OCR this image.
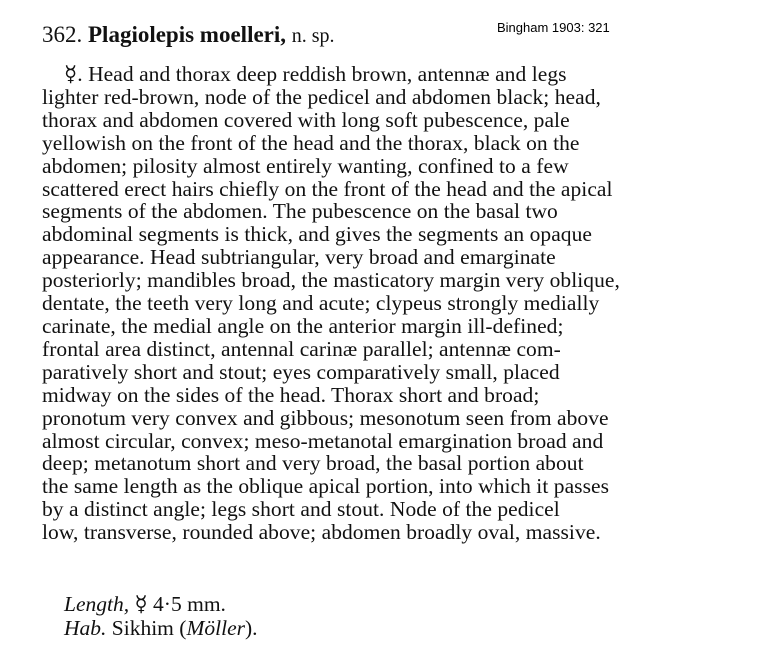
Bingham 1903: 321
362. Plagiolepis moelleri, n. sp.
☿. Head and thorax deep reddish brown, antennæ and legs
lighter red-brown, node of the pedicel and abdomen black; head,
thorax and abdomen covered with long soft pubescence, pale
yellowish on the front of the head and the thorax, black on the
abdomen; pilosity almost entirely wanting, confined to a few
scattered erect hairs chiefly on the front of the head and the apical
segments of the abdomen. The pubescence on the basal two
abdominal segments is thick, and gives the segments an opaque
appearance. Head subtriangular, very broad and emarginate
posteriorly; mandibles broad, the masticatory margin very oblique,
dentate, the teeth very long and acute; clypeus strongly medially
carinate, the medial angle on the anterior margin ill-defined;
frontal area distinct, antennal carinæ parallel; antennæ com-
paratively short and stout; eyes comparatively small, placed
midway on the sides of the head. Thorax short and broad;
pronotum very convex and gibbous; mesonotum seen from above
almost circular, convex; meso-metanotal emargination broad and
deep; metanotum short and very broad, the basal portion about
the same length as the oblique apical portion, into which it passes
by a distinct angle; legs short and stout. Node of the pedicel
low, transverse, rounded above; abdomen broadly oval, massive.
Length, ☿ 4·5 mm.
Hab. Sikhim (Möller).
